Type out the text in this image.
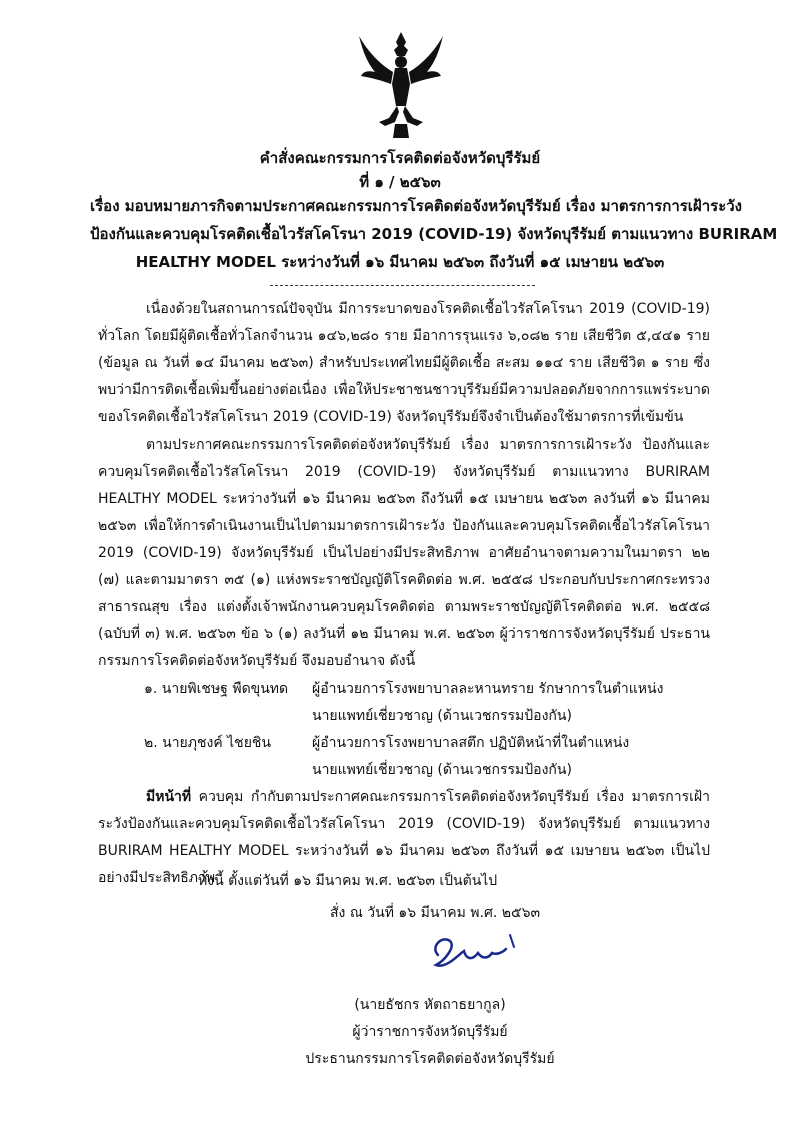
คำสั่งคณะกรรมการโรคติดต่อจังหวัดบุรีรัมย์
ที่ ๑ / ๒๕๖๓
เรื่อง มอบหมายภารกิจตามประกาศคณะกรรมการโรคติดต่อจังหวัดบุรีรัมย์ เรื่อง มาตรการการเฝ้าระวัง
ป้องกันและควบคุมโรคติดเชื้อไวรัสโคโรนา 2019 (COVID-19) จังหวัดบุรีรัมย์ ตามแนวทาง BURIRAM
HEALTHY MODEL ระหว่างวันที่ ๑๖ มีนาคม ๒๕๖๓ ถึงวันที่ ๑๕ เมษายน ๒๕๖๓

เนื่องด้วยในสถานการณ์ปัจจุบัน มีการระบาดของโรคติดเชื้อไวรัสโคโรนา 2019 (COVID-19) ทั่วโลก โดยมีผู้ติดเชื้อทั่วโลกจำนวน ๑๔๖,๒๘๐ ราย มีอาการรุนแรง ๖,๐๘๒ ราย เสียชีวิต ๕,๔๔๑ ราย (ข้อมูล ณ วันที่ ๑๔ มีนาคม ๒๕๖๓) สำหรับประเทศไทยมีผู้ติดเชื้อ สะสม ๑๑๔ ราย เสียชีวิต ๑ ราย ซึ่งพบว่ามีการติดเชื้อเพิ่มขึ้นอย่างต่อเนื่อง เพื่อให้ประชาชนชาวบุรีรัมย์มีความปลอดภัยจากการแพร่ระบาดของโรคติดเชื้อไวรัสโคโรนา 2019 (COVID-19) จังหวัดบุรีรัมย์จึงจำเป็นต้องใช้มาตรการที่เข้มข้น

ตามประกาศคณะกรรมการโรคติดต่อจังหวัดบุรีรัมย์ เรื่อง มาตรการการเฝ้าระวัง ป้องกันและควบคุมโรคติดเชื้อไวรัสโคโรนา 2019 (COVID-19) จังหวัดบุรีรัมย์ ตามแนวทาง BURIRAM HEALTHY MODEL ระหว่างวันที่ ๑๖ มีนาคม ๒๕๖๓ ถึงวันที่ ๑๕ เมษายน ๒๕๖๓ ลงวันที่ ๑๖ มีนาคม ๒๕๖๓ เพื่อให้การดำเนินงานเป็นไปตามมาตรการเฝ้าระวัง ป้องกันและควบคุมโรคติดเชื้อไวรัสโคโรนา 2019 (COVID-19) จังหวัดบุรีรัมย์ เป็นไปอย่างมีประสิทธิภาพ อาศัยอำนาจตามความในมาตรา ๒๒ (๗) และตามมาตรา ๓๕ (๑) แห่งพระราชบัญญัติโรคติดต่อ พ.ศ. ๒๕๕๘ ประกอบกับประกาศกระทรวงสาธารณสุข เรื่อง แต่งตั้งเจ้าพนักงานควบคุมโรคติดต่อ ตามพระราชบัญญัติโรคติดต่อ พ.ศ. ๒๕๕๘ (ฉบับที่ ๓) พ.ศ. ๒๕๖๓ ข้อ ๖ (๑) ลงวันที่ ๑๒ มีนาคม พ.ศ. ๒๕๖๓ ผู้ว่าราชการจังหวัดบุรีรัมย์ ประธานกรรมการโรคติดต่อจังหวัดบุรีรัมย์ จึงมอบอำนาจ ดังนี้

๑. นายพิเชษฐ พืดขุนทด	ผู้อำนวยการโรงพยาบาลละหานทราย รักษาการในตำแหน่ง
นายแพทย์เชี่ยวชาญ (ด้านเวชกรรมป้องกัน)
๒. นายภุชงค์ ไชยชิน	ผู้อำนวยการโรงพยาบาลสตึก ปฏิบัติหน้าที่ในตำแหน่ง
นายแพทย์เชี่ยวชาญ (ด้านเวชกรรมป้องกัน)

มีหน้าที่ ควบคุม กำกับตามประกาศคณะกรรมการโรคติดต่อจังหวัดบุรีรัมย์ เรื่อง มาตรการเฝ้าระวังป้องกันและควบคุมโรคติดเชื้อไวรัสโคโรนา 2019 (COVID-19) จังหวัดบุรีรัมย์ ตามแนวทาง BURIRAM HEALTHY MODEL ระหว่างวันที่ ๑๖ มีนาคม ๒๕๖๓ ถึงวันที่ ๑๕ เมษายน ๒๕๖๓ เป็นไปอย่างมีประสิทธิภาพ

ทั้งนี้ ตั้งแต่วันที่ ๑๖ มีนาคม พ.ศ. ๒๕๖๓ เป็นต้นไป
สั่ง ณ วันที่ ๑๖ มีนาคม พ.ศ. ๒๕๖๓
(นายธัชกร หัตถาธยากูล)
ผู้ว่าราชการจังหวัดบุรีรัมย์
ประธานกรรมการโรคติดต่อจังหวัดบุรีรัมย์
